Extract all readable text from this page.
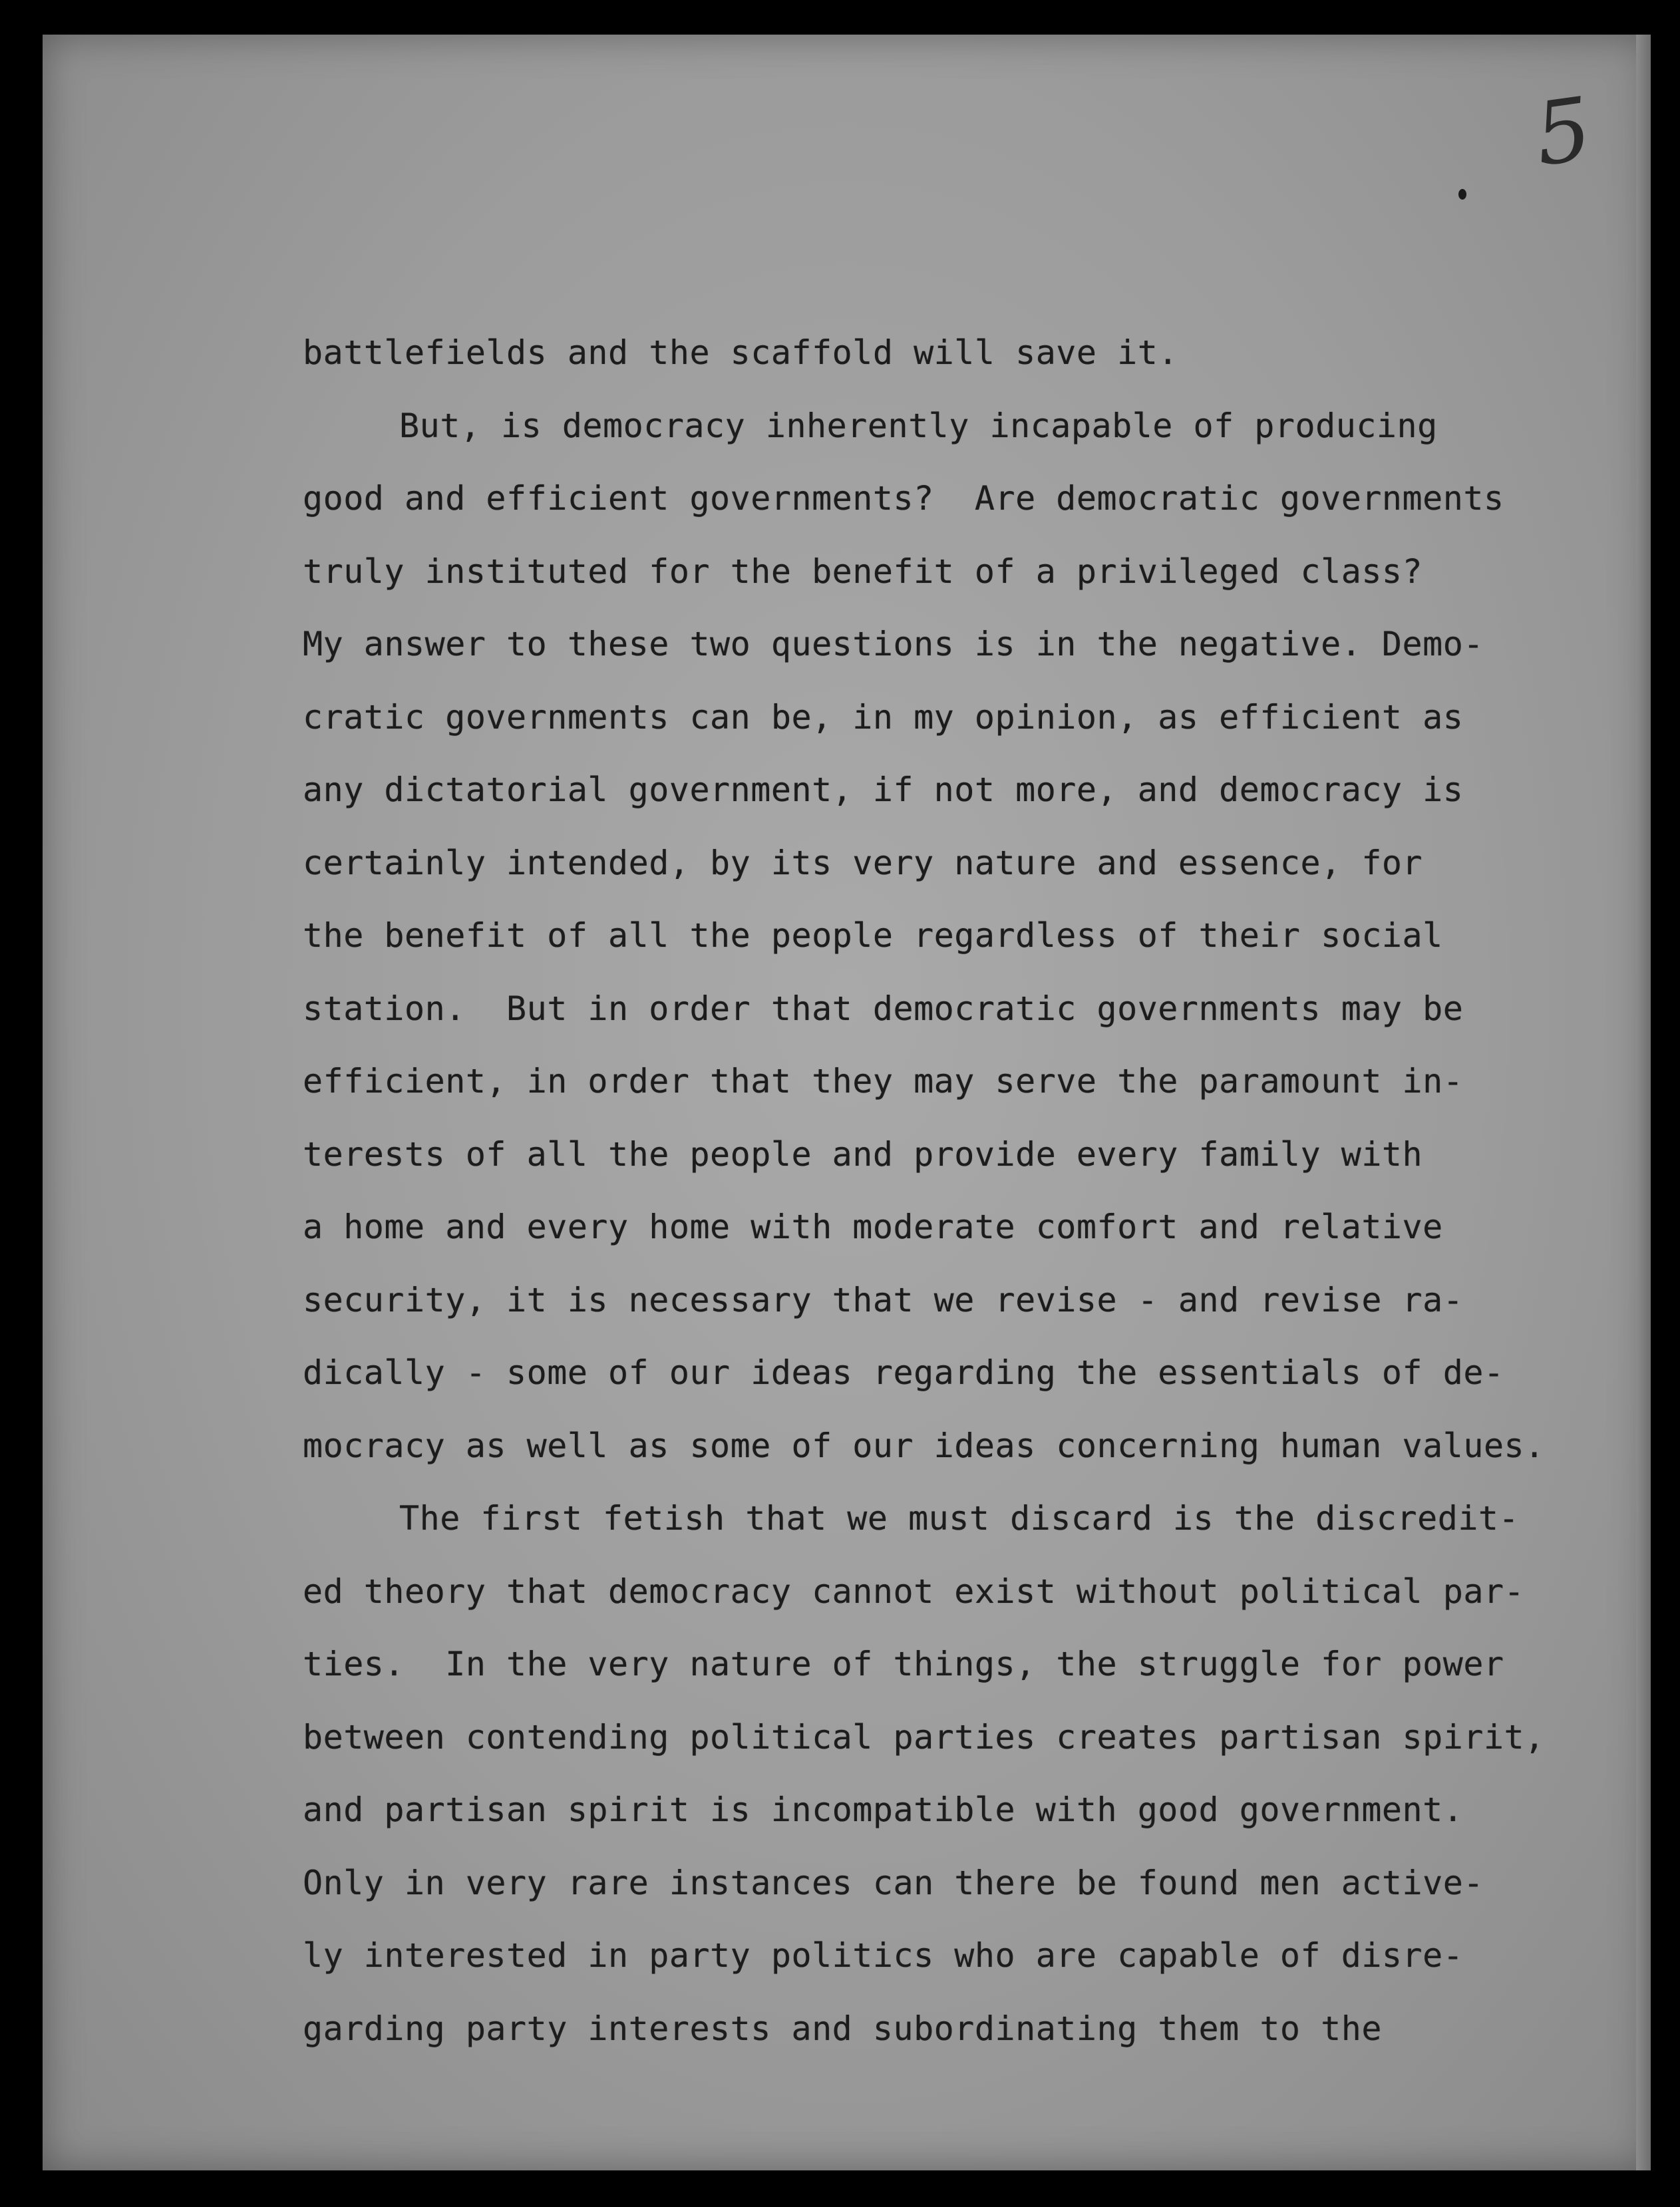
5
battlefields and the scaffold will save it.
But, is democracy inherently incapable of producing
good and efficient governments?  Are democratic governments
truly instituted for the benefit of a privileged class?
My answer to these two questions is in the negative. Demo-
cratic governments can be, in my opinion, as efficient as
any dictatorial government, if not more, and democracy is
certainly intended, by its very nature and essence, for
the benefit of all the people regardless of their social
station.  But in order that democratic governments may be
efficient, in order that they may serve the paramount in-
terests of all the people and provide every family with
a home and every home with moderate comfort and relative
security, it is necessary that we revise - and revise ra-
dically - some of our ideas regarding the essentials of de-
mocracy as well as some of our ideas concerning human values.
The first fetish that we must discard is the discredit-
ed theory that democracy cannot exist without political par-
ties.  In the very nature of things, the struggle for power
between contending political parties creates partisan spirit,
and partisan spirit is incompatible with good government.
Only in very rare instances can there be found men active-
ly interested in party politics who are capable of disre-
garding party interests and subordinating them to the
